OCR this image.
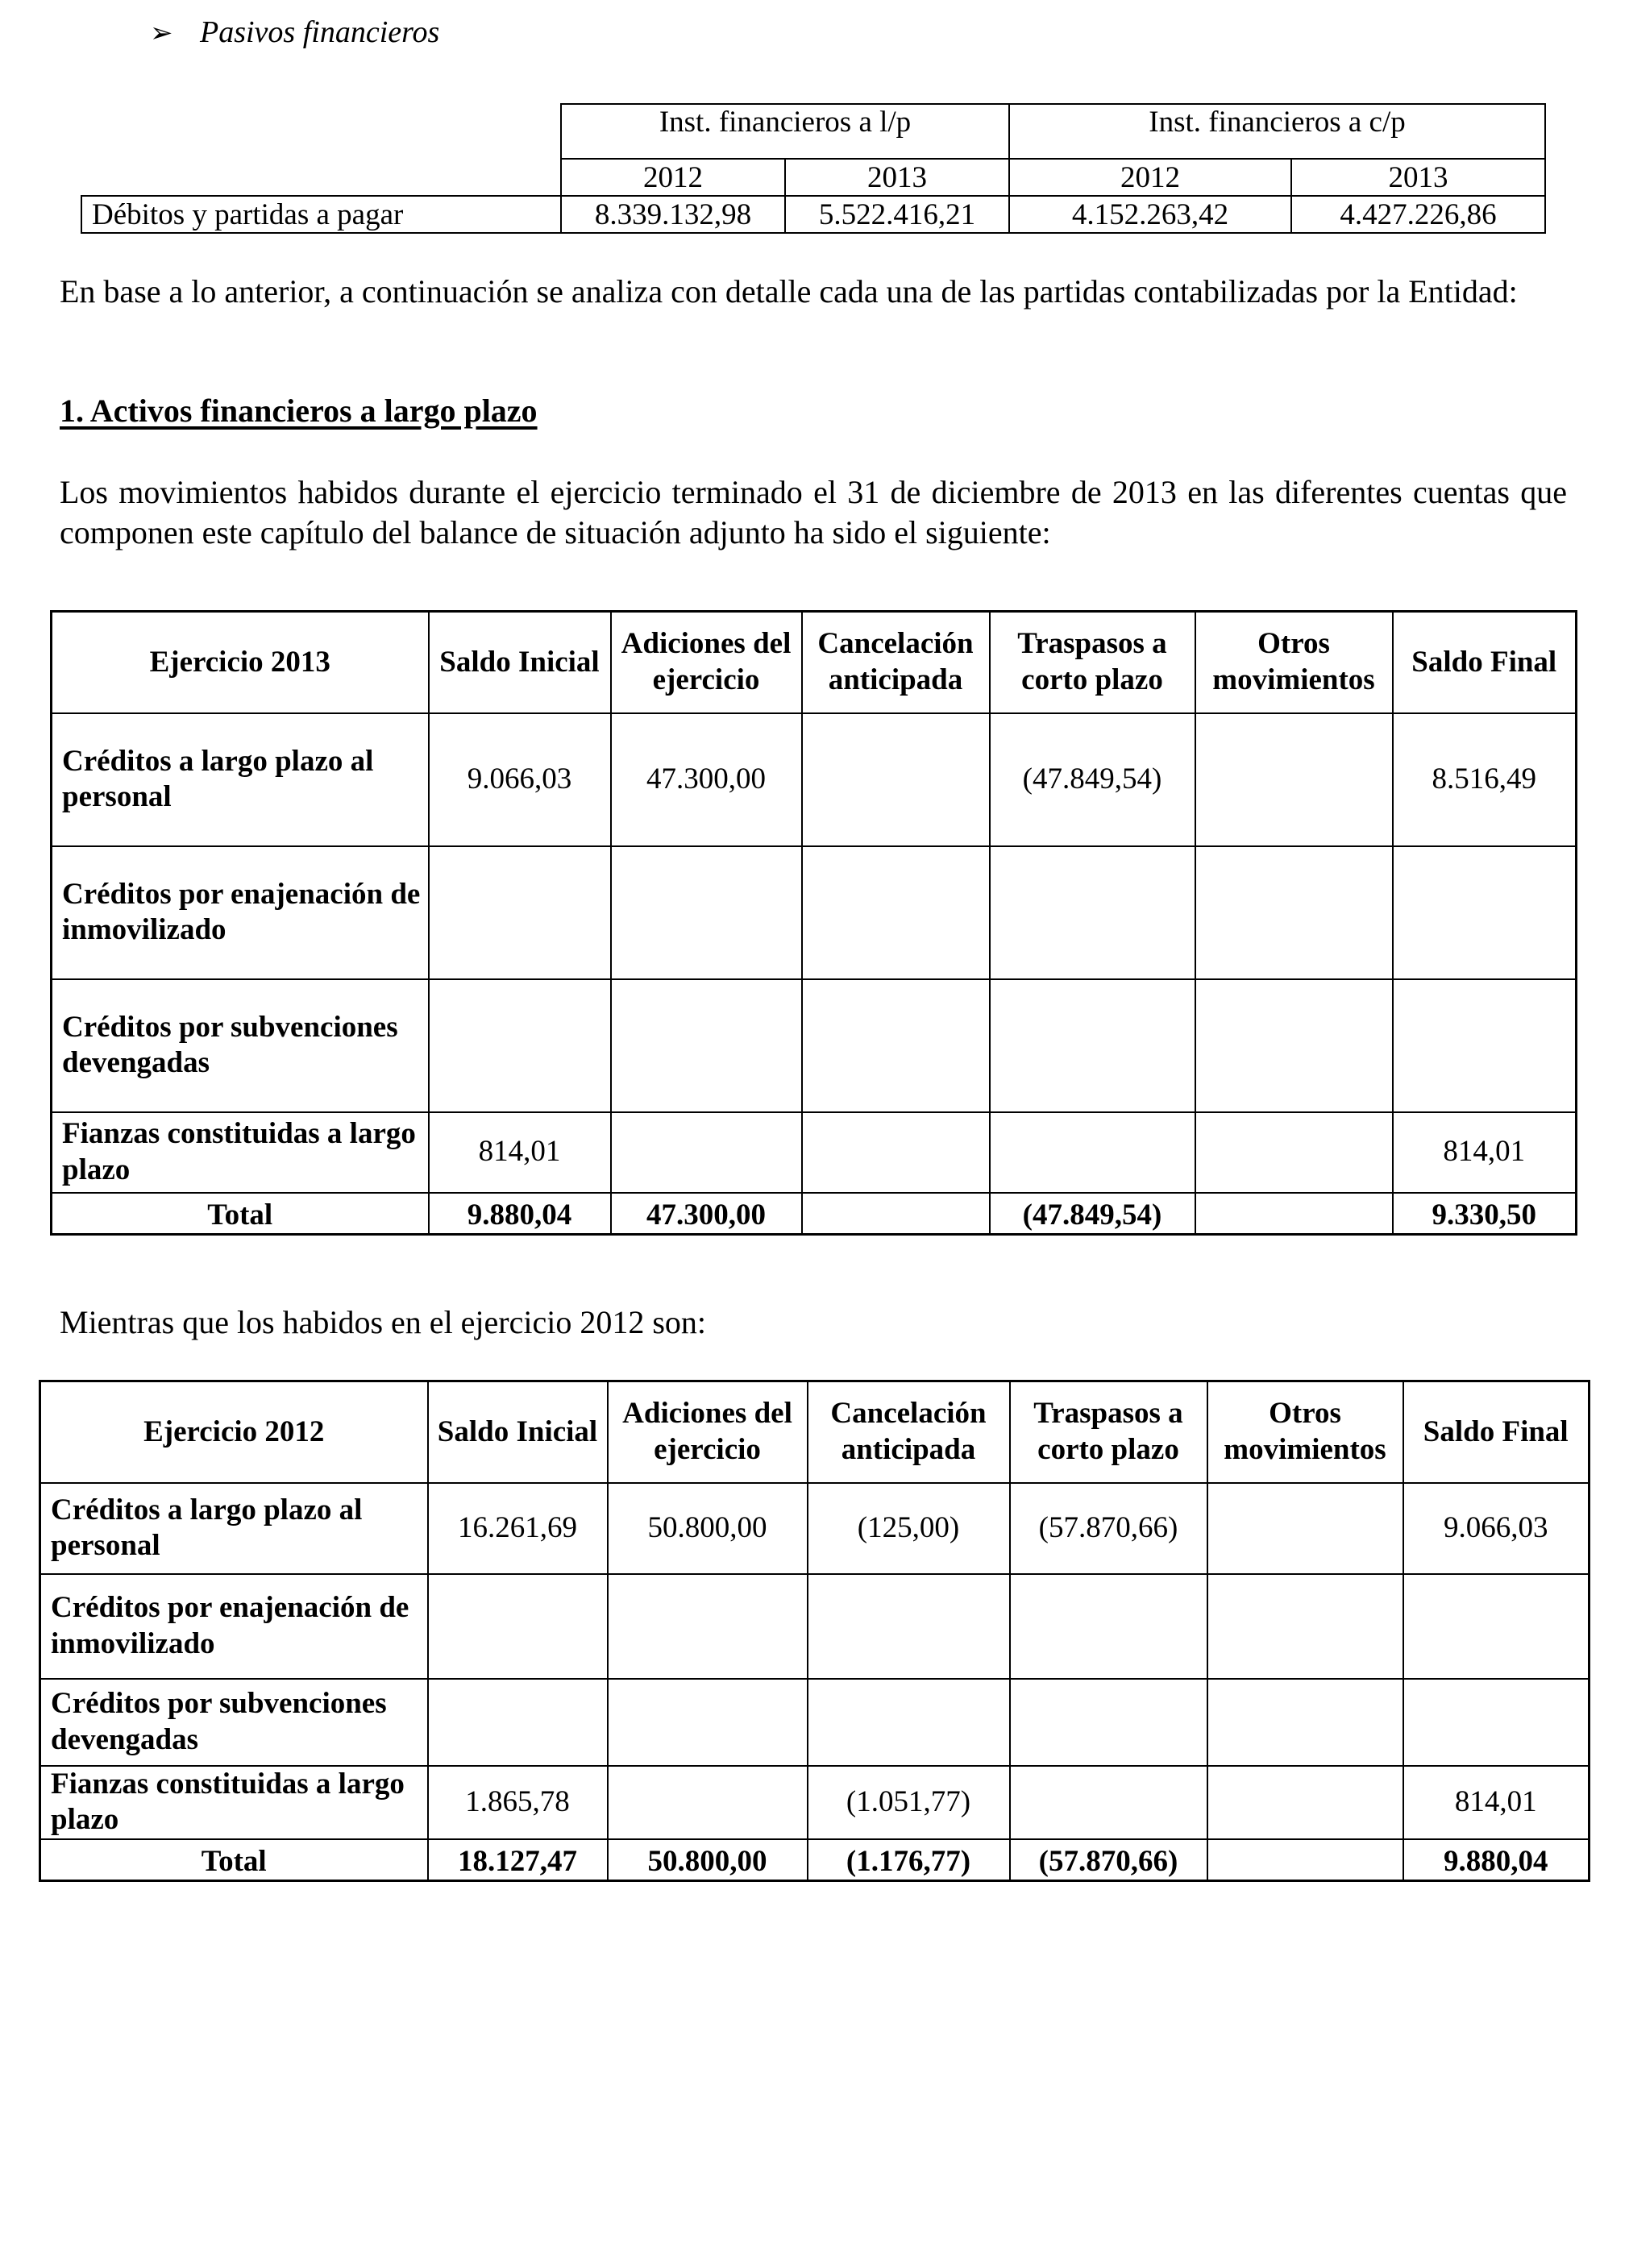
➢ Pasivos financieros
	Inst. financieros a l/p		Inst. financieros a c/p	
	2012	2013	2012	2013
Débitos y partidas a pagar	8.339.132,98	5.522.416,21	4.152.263,42	4.427.226,86
En base a lo anterior, a continuación se analiza con detalle cada una de las partidas contabilizadas por la Entidad:
1. Activos financieros a largo plazo
Los movimientos habidos durante el ejercicio terminado el 31 de diciembre de 2013 en las diferentes cuentas que componen este capítulo del balance de situación adjunto ha sido el siguiente:
Ejercicio 2013	Saldo Inicial	Adiciones del ejercicio	Cancelación anticipada	Traspasos a corto plazo	Otros movimientos	Saldo Final
Créditos a largo plazo al personal	9.066,03	47.300,00		(47.849,54)		8.516,49
Créditos por enajenación de inmovilizado						
Créditos por subvenciones devengadas						
Fianzas constituidas a largo plazo	814,01					814,01
Total	9.880,04	47.300,00		(47.849,54)		9.330,50
Mientras que los habidos en el ejercicio 2012 son:
Ejercicio 2012	Saldo Inicial	Adiciones del ejercicio	Cancelación anticipada	Traspasos a corto plazo	Otros movimientos	Saldo Final
Créditos a largo plazo al personal	16.261,69	50.800,00	(125,00)	(57.870,66)		9.066,03
Créditos por enajenación de inmovilizado						
Créditos por subvenciones devengadas						
Fianzas constituidas a largo plazo	1.865,78		(1.051,77)			814,01
Total	18.127,47	50.800,00	(1.176,77)	(57.870,66)		9.880,04
